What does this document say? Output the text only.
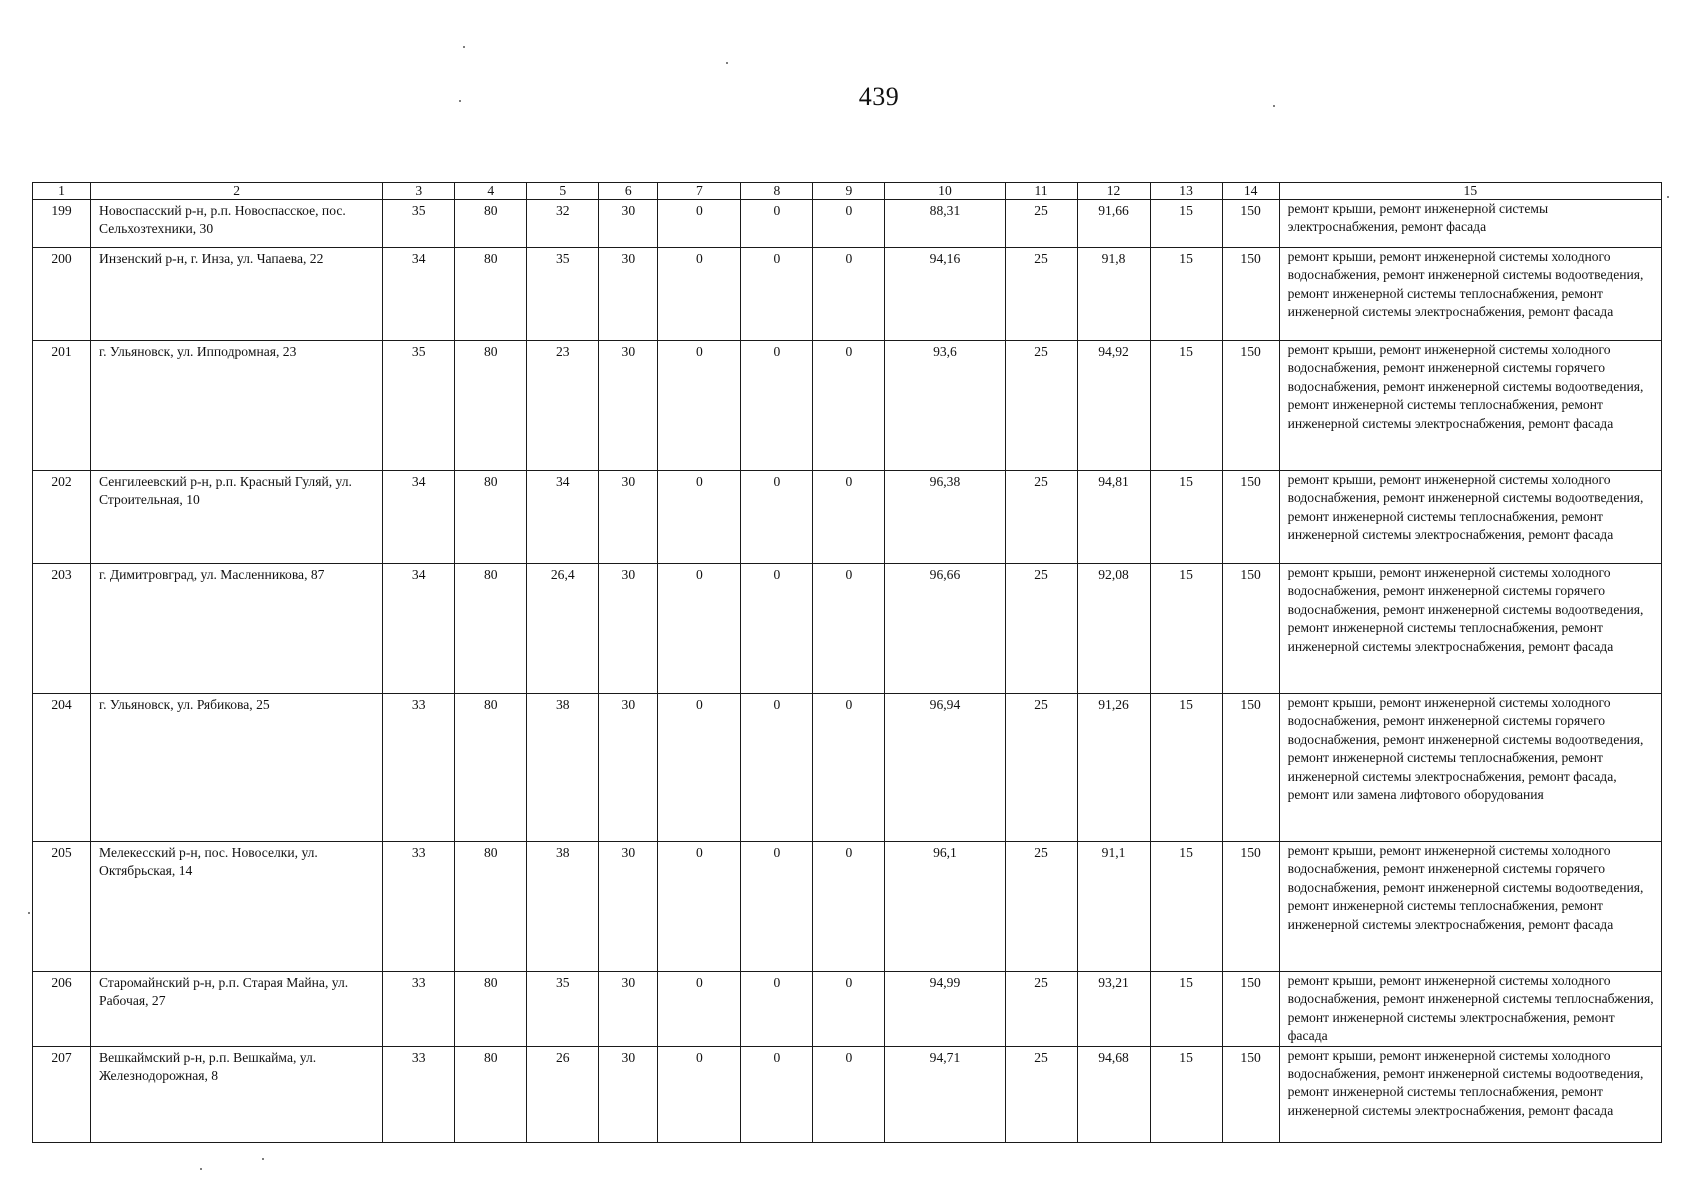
439
1	2	3	4	5	6	7	8	9	10	11	12	13	14	15
199	Новоспасский р-н, р.п. Новоспасское, пос. Сельхозтехники, 30	35	80	32	30	0	0	0	88,31	25	91,66	15	150	ремонт крыши, ремонт инженерной системы электроснабжения, ремонт фасада
200	Инзенский р-н, г. Инза, ул. Чапаева, 22	34	80	35	30	0	0	0	94,16	25	91,8	15	150	ремонт крыши, ремонт инженерной системы холодного водоснабжения, ремонт инженерной системы водоотведения, ремонт инженерной системы теплоснабжения, ремонт инженерной системы электроснабжения, ремонт фасада
201	г. Ульяновск, ул. Ипподромная, 23	35	80	23	30	0	0	0	93,6	25	94,92	15	150	ремонт крыши, ремонт инженерной системы холодного водоснабжения, ремонт инженерной системы горячего водоснабжения, ремонт инженерной системы водоотведения, ремонт инженерной системы теплоснабжения, ремонт инженерной системы электроснабжения, ремонт фасада
202	Сенгилеевский р-н, р.п. Красный Гуляй, ул. Строительная, 10	34	80	34	30	0	0	0	96,38	25	94,81	15	150	ремонт крыши, ремонт инженерной системы холодного водоснабжения, ремонт инженерной системы водоотведения, ремонт инженерной системы теплоснабжения, ремонт инженерной системы электроснабжения, ремонт фасада
203	г. Димитровград, ул. Масленникова, 87	34	80	26,4	30	0	0	0	96,66	25	92,08	15	150	ремонт крыши, ремонт инженерной системы холодного водоснабжения, ремонт инженерной системы горячего водоснабжения, ремонт инженерной системы водоотведения, ремонт инженерной системы теплоснабжения, ремонт инженерной системы электроснабжения, ремонт фасада
204	г. Ульяновск, ул. Рябикова, 25	33	80	38	30	0	0	0	96,94	25	91,26	15	150	ремонт крыши, ремонт инженерной системы холодного водоснабжения, ремонт инженерной системы горячего водоснабжения, ремонт инженерной системы водоотведения, ремонт инженерной системы теплоснабжения, ремонт инженерной системы электроснабжения, ремонт фасада, ремонт или замена лифтового оборудования
205	Мелекесский р-н, пос. Новоселки, ул. Октябрьская, 14	33	80	38	30	0	0	0	96,1	25	91,1	15	150	ремонт крыши, ремонт инженерной системы холодного водоснабжения, ремонт инженерной системы горячего водоснабжения, ремонт инженерной системы водоотведения, ремонт инженерной системы теплоснабжения, ремонт инженерной системы электроснабжения, ремонт фасада
206	Старомайнский р-н, р.п. Старая Майна, ул. Рабочая, 27	33	80	35	30	0	0	0	94,99	25	93,21	15	150	ремонт крыши, ремонт инженерной системы холодного водоснабжения, ремонт инженерной системы теплоснабжения, ремонт инженерной системы электроснабжения, ремонт фасада
207	Вешкаймский р-н, р.п. Вешкайма, ул. Железнодорожная, 8	33	80	26	30	0	0	0	94,71	25	94,68	15	150	ремонт крыши, ремонт инженерной системы холодного водоснабжения, ремонт инженерной системы водоотведения, ремонт инженерной системы теплоснабжения, ремонт инженерной системы электроснабжения, ремонт фасада
